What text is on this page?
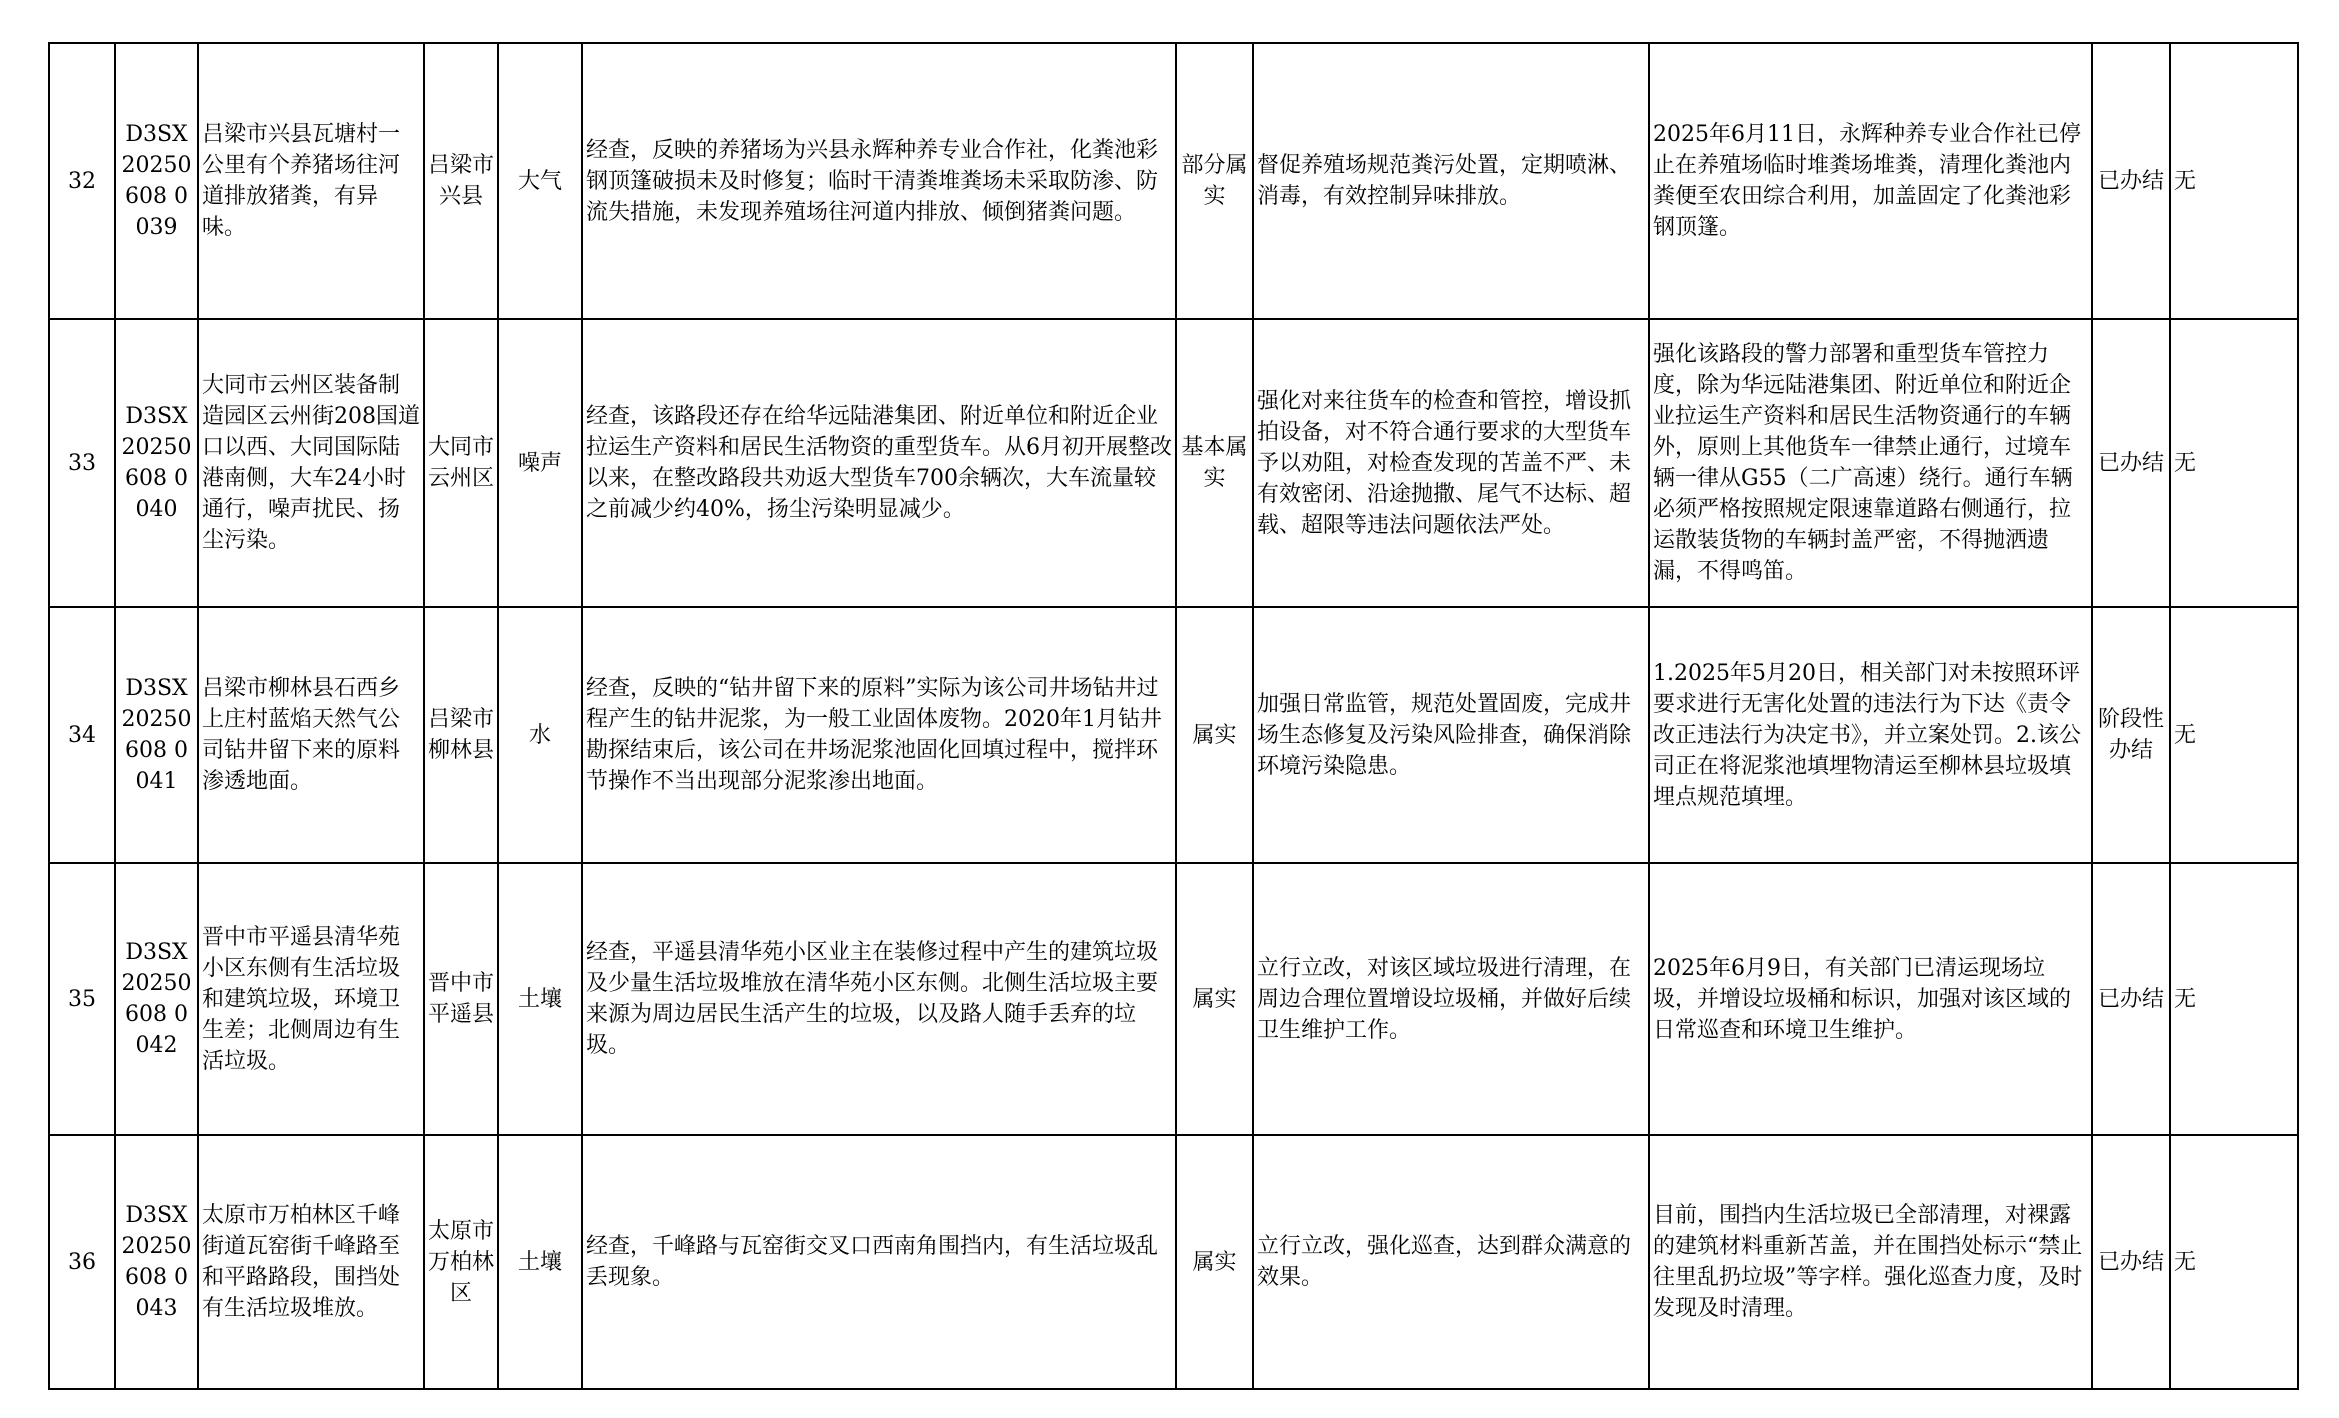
32	D3SX20250608 0039	吕梁市兴县瓦塘村一公里有个养猪场往河道排放猪粪，有异味。	吕梁市兴县	大气	经查，反映的养猪场为兴县永辉种养专业合作社，化粪池彩钢顶篷破损未及时修复；临时干清粪堆粪场未采取防渗、防流失措施，未发现养殖场往河道内排放、倾倒猪粪问题。	部分属实	督促养殖场规范粪污处置，定期喷淋、消毒，有效控制异味排放。	2025年6月11日，永辉种养专业合作社已停止在养殖场临时堆粪场堆粪，清理化粪池内粪便至农田综合利用，加盖固定了化粪池彩钢顶篷。	已办结	无
33	D3SX20250608 0040	大同市云州区装备制造园区云州街208国道口以西、大同国际陆港南侧，大车24小时通行，噪声扰民、扬尘污染。	大同市云州区	噪声	经查，该路段还存在给华远陆港集团、附近单位和附近企业拉运生产资料和居民生活物资的重型货车。从6月初开展整改以来，在整改路段共劝返大型货车700余辆次，大车流量较之前减少约40%，扬尘污染明显减少。	基本属实	强化对来往货车的检查和管控，增设抓拍设备，对不符合通行要求的大型货车予以劝阻，对检查发现的苫盖不严、未有效密闭、沿途抛撒、尾气不达标、超载、超限等违法问题依法严处。	强化该路段的警力部署和重型货车管控力度，除为华远陆港集团、附近单位和附近企业拉运生产资料和居民生活物资通行的车辆外，原则上其他货车一律禁止通行，过境车辆一律从G55（二广高速）绕行。通行车辆必须严格按照规定限速靠道路右侧通行，拉运散装货物的车辆封盖严密，不得抛洒遗漏，不得鸣笛。	已办结	无
34	D3SX20250608 0041	吕梁市柳林县石西乡上庄村蓝焰天然气公司钻井留下来的原料渗透地面。	吕梁市柳林县	水	经查，反映的“钻井留下来的原料”实际为该公司井场钻井过程产生的钻井泥浆，为一般工业固体废物。2020年1月钻井勘探结束后，该公司在井场泥浆池固化回填过程中，搅拌环节操作不当出现部分泥浆渗出地面。	属实	加强日常监管，规范处置固废，完成井场生态修复及污染风险排查，确保消除环境污染隐患。	1.2025年5月20日，相关部门对未按照环评要求进行无害化处置的违法行为下达《责令改正违法行为决定书》，并立案处罚。2.该公司正在将泥浆池填埋物清运至柳林县垃圾填埋点规范填埋。	阶段性办结	无
35	D3SX20250608 0042	晋中市平遥县清华苑小区东侧有生活垃圾和建筑垃圾，环境卫生差；北侧周边有生活垃圾。	晋中市平遥县	土壤	经查，平遥县清华苑小区业主在装修过程中产生的建筑垃圾及少量生活垃圾堆放在清华苑小区东侧。北侧生活垃圾主要来源为周边居民生活产生的垃圾，以及路人随手丢弃的垃圾。	属实	立行立改，对该区域垃圾进行清理，在周边合理位置增设垃圾桶，并做好后续卫生维护工作。	2025年6月9日，有关部门已清运现场垃圾，并增设垃圾桶和标识，加强对该区域的日常巡查和环境卫生维护。	已办结	无
36	D3SX20250608 0043	太原市万柏林区千峰街道瓦窑街千峰路至和平路路段，围挡处有生活垃圾堆放。	太原市万柏林区	土壤	经查，千峰路与瓦窑街交叉口西南角围挡内，有生活垃圾乱丢现象。	属实	立行立改，强化巡查，达到群众满意的效果。	目前，围挡内生活垃圾已全部清理，对裸露的建筑材料重新苫盖，并在围挡处标示“禁止往里乱扔垃圾”等字样。强化巡查力度，及时发现及时清理。	已办结	无
